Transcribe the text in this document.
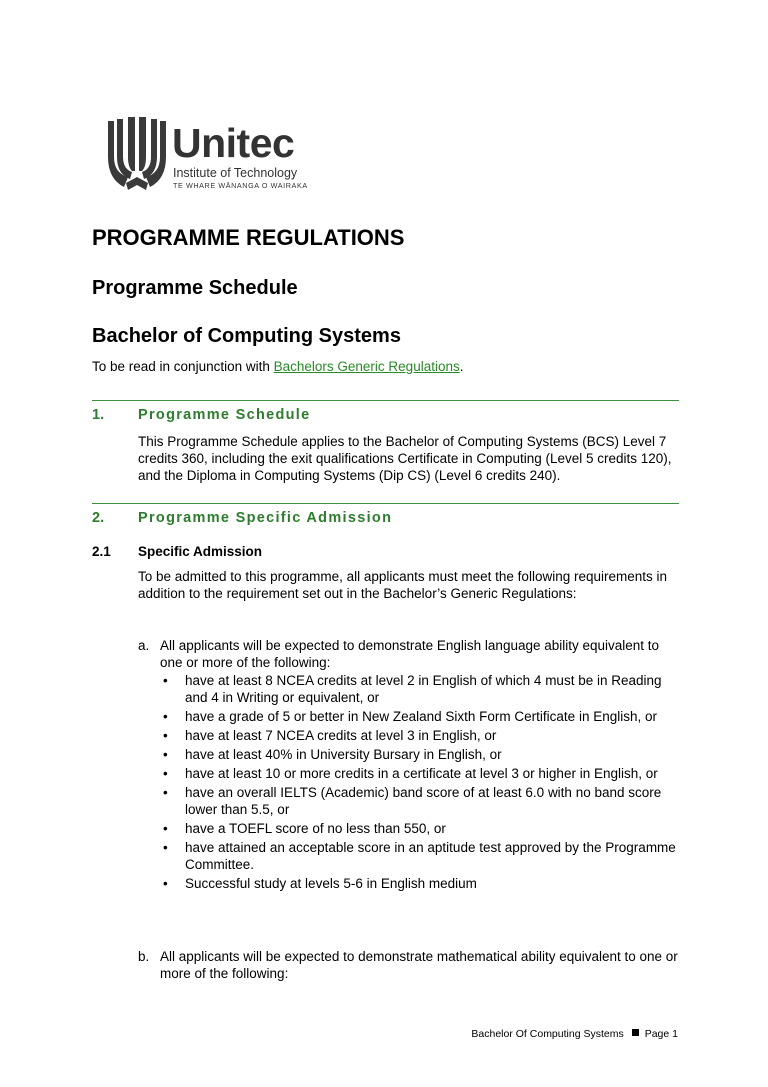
Unitec
Institute of Technology
TE WHARE WĀNANGA O WAIRAKA
PROGRAMME REGULATIONS
Programme Schedule
Bachelor of Computing Systems
To be read in conjunction with Bachelors Generic Regulations.
1. Programme Schedule
This Programme Schedule applies to the Bachelor of Computing Systems (BCS) Level 7 credits 360, including the exit qualifications Certificate in Computing (Level 5 credits 120), and the Diploma in Computing Systems (Dip CS) (Level 6 credits 240).
2. Programme Specific Admission
2.1 Specific Admission
To be admitted to this programme, all applicants must meet the following requirements in addition to the requirement set out in the Bachelor’s Generic Regulations:
a. All applicants will be expected to demonstrate English language ability equivalent to one or more of the following:
• have at least 8 NCEA credits at level 2 in English of which 4 must be in Reading and 4 in Writing or equivalent, or
• have a grade of 5 or better in New Zealand Sixth Form Certificate in English, or
• have at least 7 NCEA credits at level 3 in English, or
• have at least 40% in University Bursary in English, or
• have at least 10 or more credits in a certificate at level 3 or higher in English, or
• have an overall IELTS (Academic) band score of at least 6.0 with no band score lower than 5.5, or
• have a TOEFL score of no less than 550, or
• have attained an acceptable score in an aptitude test approved by the Programme Committee.
• Successful study at levels 5-6 in English medium
b. All applicants will be expected to demonstrate mathematical ability equivalent to one or more of the following:
Bachelor Of Computing Systems Page 1
